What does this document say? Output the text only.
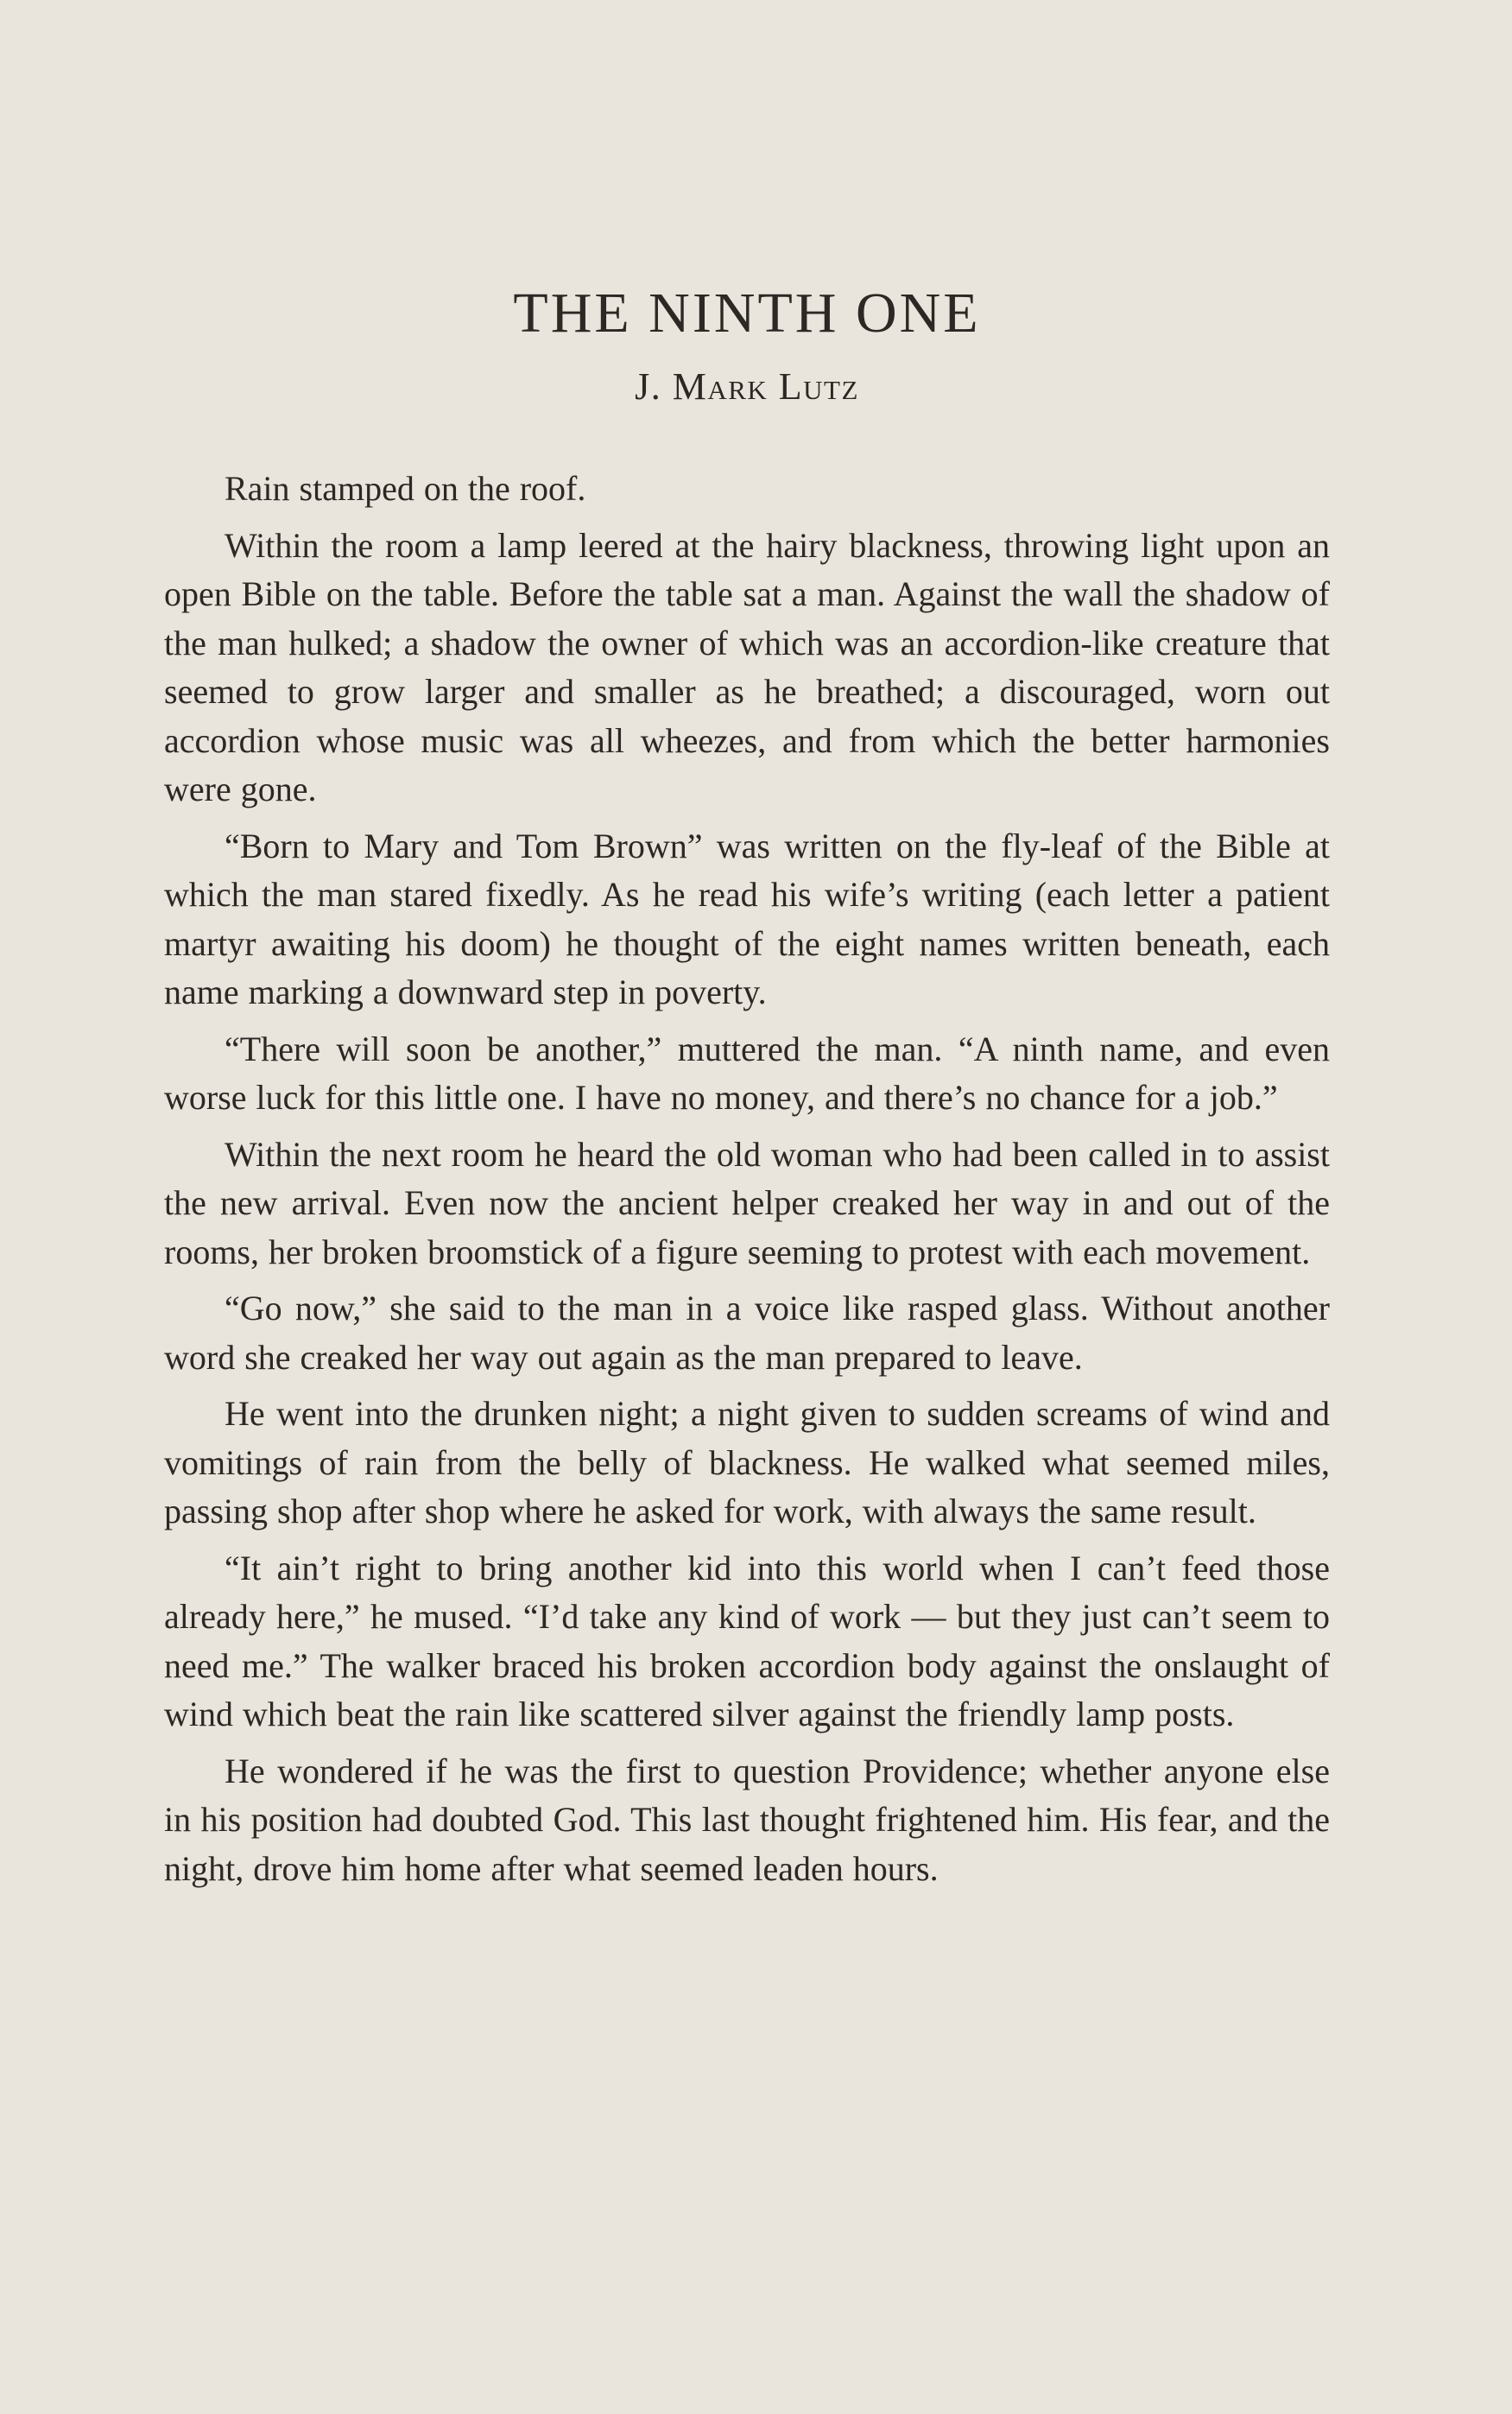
THE NINTH ONE
J. Mark Lutz

Rain stamped on the roof.

Within the room a lamp leered at the hairy blackness, throwing light upon an open Bible on the table. Before the table sat a man. Against the wall the shadow of the man hulked; a shadow the owner of which was an accordion-like creature that seemed to grow larger and smaller as he breathed; a discouraged, worn out accordion whose music was all wheezes, and from which the better harmonies were gone.

“Born to Mary and Tom Brown” was written on the fly-leaf of the Bible at which the man stared fixedly. As he read his wife’s writing (each letter a patient martyr awaiting his doom) he thought of the eight names written beneath, each name marking a downward step in poverty.

“There will soon be another,” muttered the man. “A ninth name, and even worse luck for this little one. I have no money, and there’s no chance for a job.”

Within the next room he heard the old woman who had been called in to assist the new arrival. Even now the ancient helper creaked her way in and out of the rooms, her broken broomstick of a figure seeming to protest with each movement.

“Go now,” she said to the man in a voice like rasped glass. Without another word she creaked her way out again as the man prepared to leave.

He went into the drunken night; a night given to sudden screams of wind and vomitings of rain from the belly of blackness. He walked what seemed miles, passing shop after shop where he asked for work, with always the same result.

“It ain’t right to bring another kid into this world when I can’t feed those already here,” he mused. “I’d take any kind of work — but they just can’t seem to need me.” The walker braced his broken accordion body against the onslaught of wind which beat the rain like scattered silver against the friendly lamp posts.

He wondered if he was the first to question Providence; whether anyone else in his position had doubted God. This last thought frightened him. His fear, and the night, drove him home after what seemed leaden hours.
